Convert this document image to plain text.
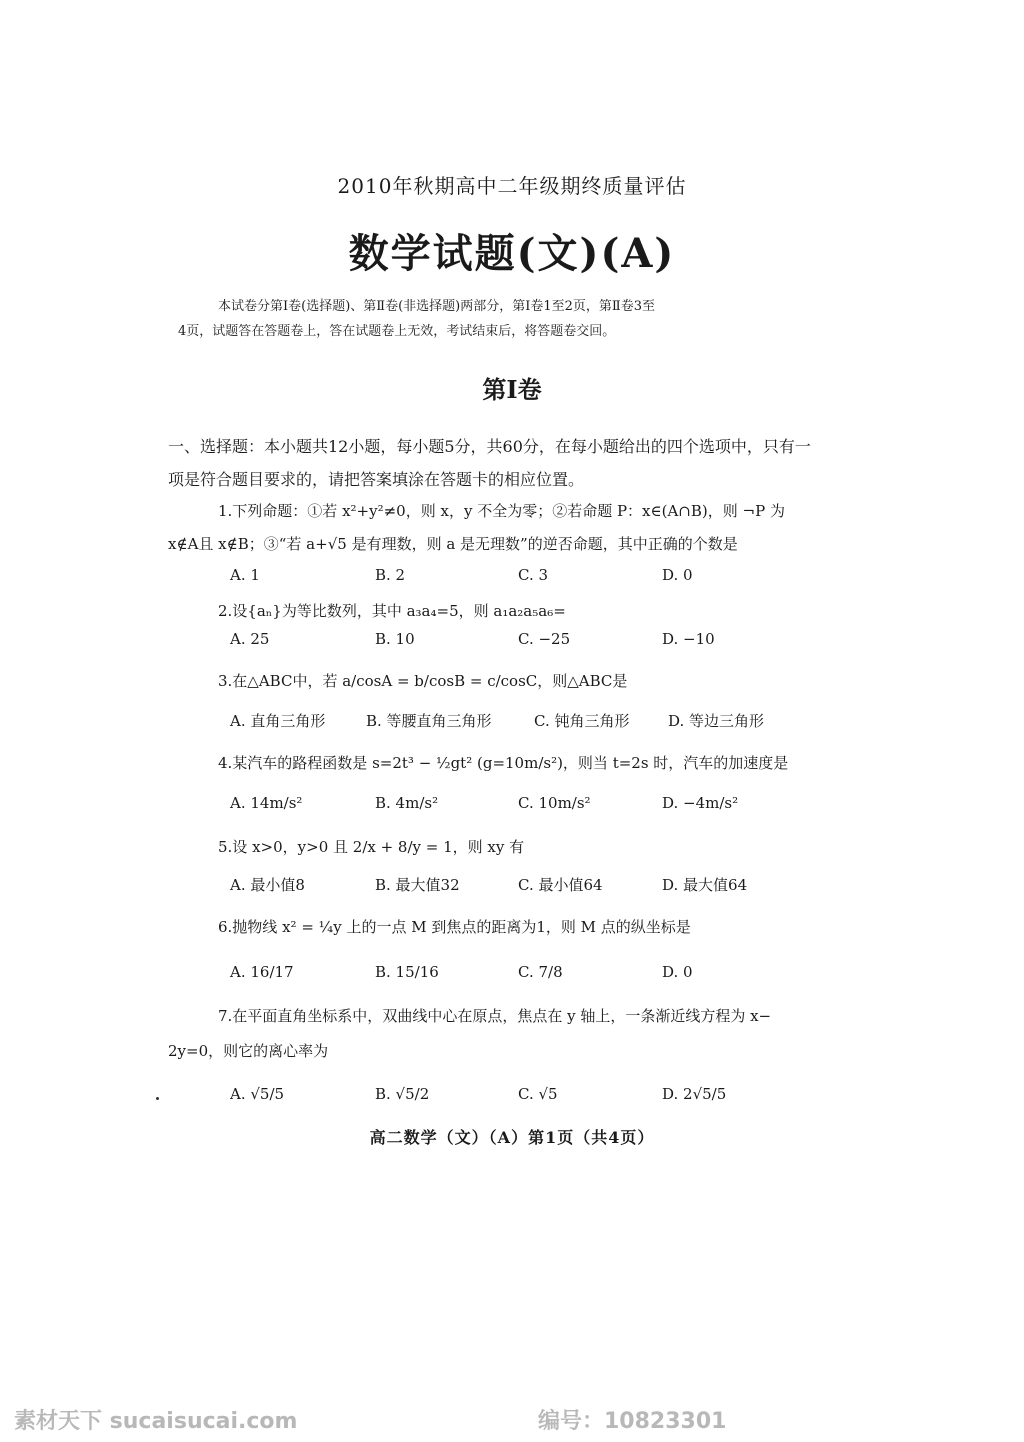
2010年秋期高中二年级期终质量评估
数学试题(文)(A)
本试卷分第Ⅰ卷(选择题)、第Ⅱ卷(非选择题)两部分，第Ⅰ卷1至2页，第Ⅱ卷3至
4页，试题答在答题卷上，答在试题卷上无效，考试结束后，将答题卷交回。
第Ⅰ卷
一、选择题：本小题共12小题，每小题5分，共60分，在每小题给出的四个选项中，只有一
项是符合题目要求的，请把答案填涂在答题卡的相应位置。
1.下列命题：①若 x²+y²≠0，则 x，y 不全为零；②若命题 P：x∈(A∩B)，则 ¬P 为
x∉A且 x∉B；③“若 a+√5 是有理数，则 a 是无理数”的逆否命题，其中正确的个数是
A. 1	B. 2	C. 3	D. 0
2.设{aₙ}为等比数列，其中 a₃a₄=5，则 a₁a₂a₅a₆=
A. 25	B. 10	C. −25	D. −10
3.在△ABC中，若 a/cosA = b/cosB = c/cosC，则△ABC是
A. 直角三角形	B. 等腰直角三角形	C. 钝角三角形	D. 等边三角形
4.某汽车的路程函数是 s=2t³ − ½gt² (g=10m/s²)，则当 t=2s 时，汽车的加速度是
A. 14m/s²	B. 4m/s²	C. 10m/s²	D. −4m/s²
5.设 x>0，y>0 且 2/x + 8/y = 1，则 xy 有
A. 最小值8	B. 最大值32	C. 最小值64	D. 最大值64
6.抛物线 x² = ¼y 上的一点 M 到焦点的距离为1，则 M 点的纵坐标是
A. 16/17	B. 15/16	C. 7/8	D. 0
7.在平面直角坐标系中，双曲线中心在原点，焦点在 y 轴上，一条渐近线方程为 x−
2y=0，则它的离心率为
A. √5/5	B. √5/2	C. √5	D. 2√5/5
高二数学（文）（A）第1页（共4页）
素材天下 sucaisucai.com	编号：10823301
